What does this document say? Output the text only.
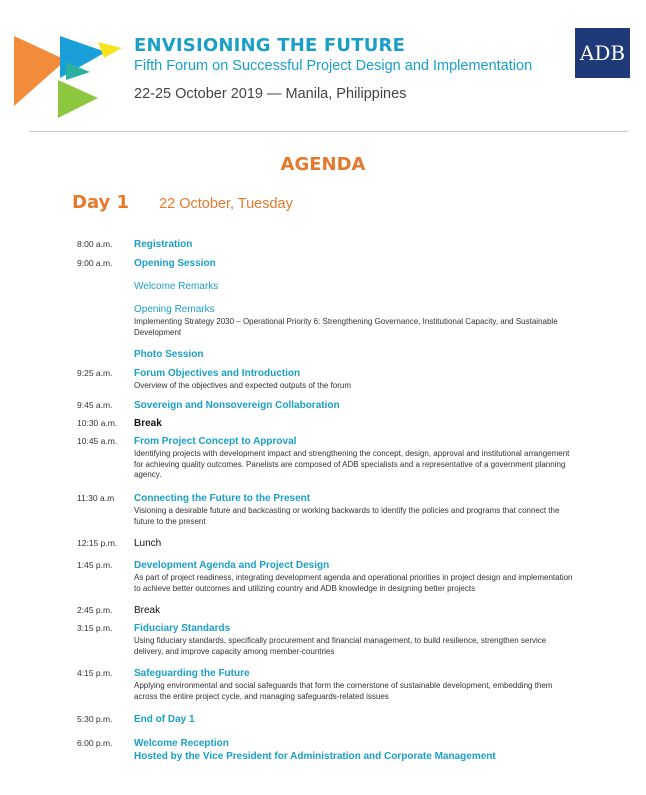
ENVISIONING THE FUTURE
Fifth Forum on Successful Project Design and Implementation
22-25 October 2019 — Manila, Philippines
ADB
AGENDA
Day 1 22 October, Tuesday
8:00 a.m. Registration
9:00 a.m. Opening Session
Welcome Remarks
Opening Remarks
Implementing Strategy 2030 – Operational Priority 6: Strengthening Governance, Institutional Capacity, and Sustainable Development
Photo Session
9:25 a.m. Forum Objectives and Introduction
Overview of the objectives and expected outputs of the forum
9:45 a.m. Sovereign and Nonsovereign Collaboration
10:30 a.m. Break
10:45 a.m. From Project Concept to Approval
Identifying projects with development impact and strengthening the concept, design, approval and institutional arrangement for achieving quality outcomes. Panelists are composed of ADB specialists and a representative of a government planning agency.
11:30 a.m Connecting the Future to the Present
Visioning a desirable future and backcasting or working backwards to identify the policies and programs that connect the future to the present
12:15 p.m. Lunch
1:45 p.m. Development Agenda and Project Design
As part of project readiness, integrating development agenda and operational priorities in project design and implementation to achieve better outcomes and utilizing country and ADB knowledge in designing better projects
2:45 p.m. Break
3:15 p.m. Fiduciary Standards
Using fiduciary standards, specifically procurement and financial management, to build resilience, strengthen service delivery, and improve capacity among member-countries
4:15 p.m. Safeguarding the Future
Applying environmental and social safeguards that form the cornerstone of sustainable development, embedding them across the entire project cycle, and managing safeguards-related issues
5:30 p.m. End of Day 1
6:00 p.m. Welcome Reception
Hosted by the Vice President for Administration and Corporate Management
